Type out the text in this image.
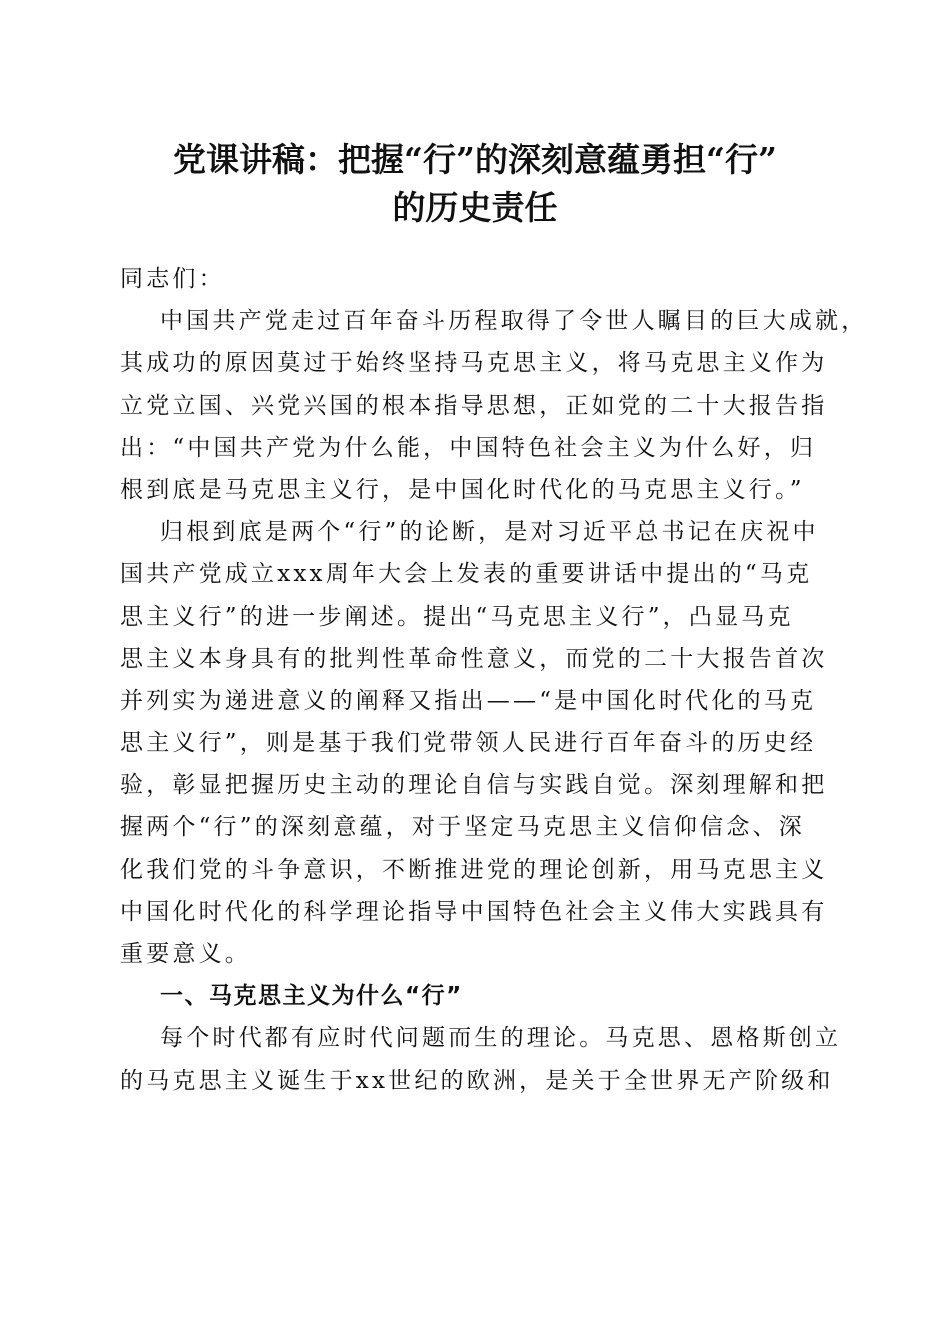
党课讲稿：把握“行”的深刻意蕴勇担“行”
的历史责任
同志们：
中国共产党走过百年奋斗历程取得了令世人瞩目的巨大成就，
其成功的原因莫过于始终坚持马克思主义，将马克思主义作为
立党立国、兴党兴国的根本指导思想，正如党的二十大报告指
出：“中国共产党为什么能，中国特色社会主义为什么好，归
根到底是马克思主义行，是中国化时代化的马克思主义行。”
归根到底是两个“行”的论断，是对习近平总书记在庆祝中
国共产党成立xxx周年大会上发表的重要讲话中提出的“马克
思主义行”的进一步阐述。提出“马克思主义行”，凸显马克
思主义本身具有的批判性革命性意义，而党的二十大报告首次
并列实为递进意义的阐释又指出——“是中国化时代化的马克
思主义行”，则是基于我们党带领人民进行百年奋斗的历史经
验，彰显把握历史主动的理论自信与实践自觉。深刻理解和把
握两个“行”的深刻意蕴，对于坚定马克思主义信仰信念、深
化我们党的斗争意识，不断推进党的理论创新，用马克思主义
中国化时代化的科学理论指导中国特色社会主义伟大实践具有
重要意义。
一、马克思主义为什么“行”
每个时代都有应时代问题而生的理论。马克思、恩格斯创立
的马克思主义诞生于xx世纪的欧洲，是关于全世界无产阶级和
